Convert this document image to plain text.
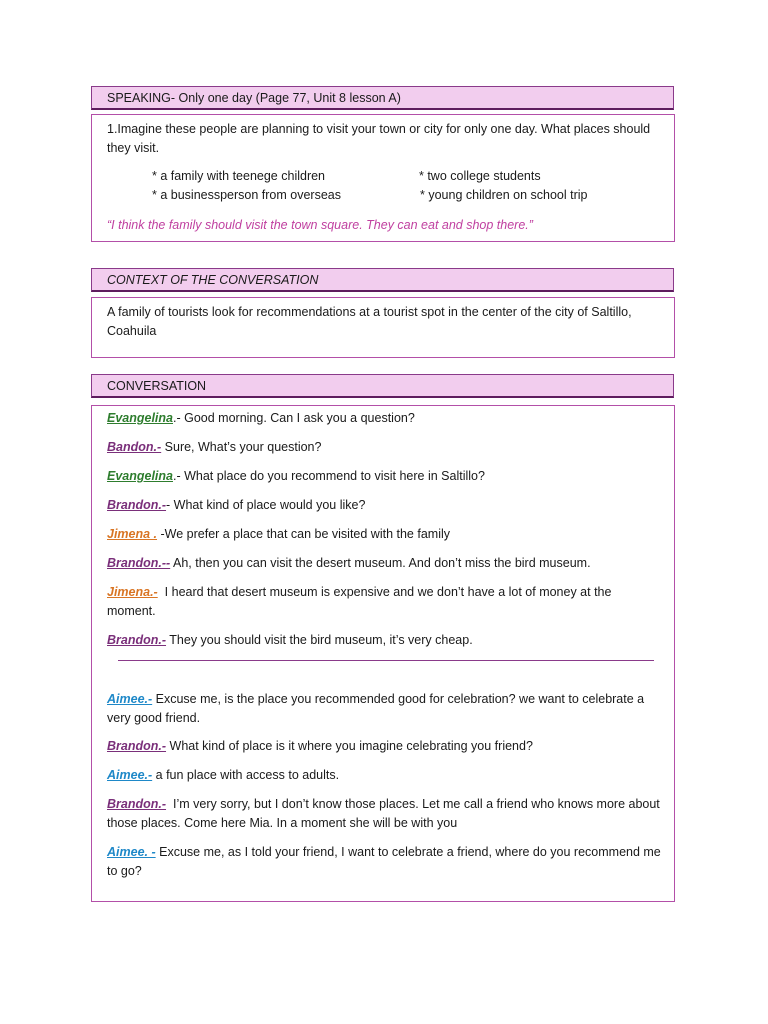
SPEAKING- Only one day (Page 77, Unit 8 lesson A)
1.Imagine these people are planning to visit your town or city for only one day. What places should they visit.
* a family with teenege children	* two college students
* a businessperson from overseas	* young children on school trip
“I think the family should visit the town square. They can eat and shop there.”
CONTEXT OF THE CONVERSATION
A family of tourists look for recommendations at a tourist spot in the center of the city of Saltillo, Coahuila
CONVERSATION
Evangelina.- Good morning. Can I ask you a question?
Bandon.- Sure, What’s your question?
Evangelina.- What place do you recommend to visit here in Saltillo?
Brandon.-- What kind of place would you like?
Jimena . -We prefer a place that can be visited with the family
Brandon.-- Ah, then you can visit the desert museum. And don’t miss the bird museum.
Jimena.- I heard that desert museum is expensive and we don’t have a lot of money at the moment.
Brandon.- They you should visit the bird museum, it’s very cheap.
Aimee.- Excuse me, is the place you recommended good for celebration? we want to celebrate a very good friend.
Brandon.- What kind of place is it where you imagine celebrating you friend?
Aimee.- a fun place with access to adults.
Brandon.- I’m very sorry, but I don’t know those places. Let me call a friend who knows more about those places. Come here Mia. In a moment she will be with you
Aimee. - Excuse me, as I told your friend, I want to celebrate a friend, where do you recommend me to go?
